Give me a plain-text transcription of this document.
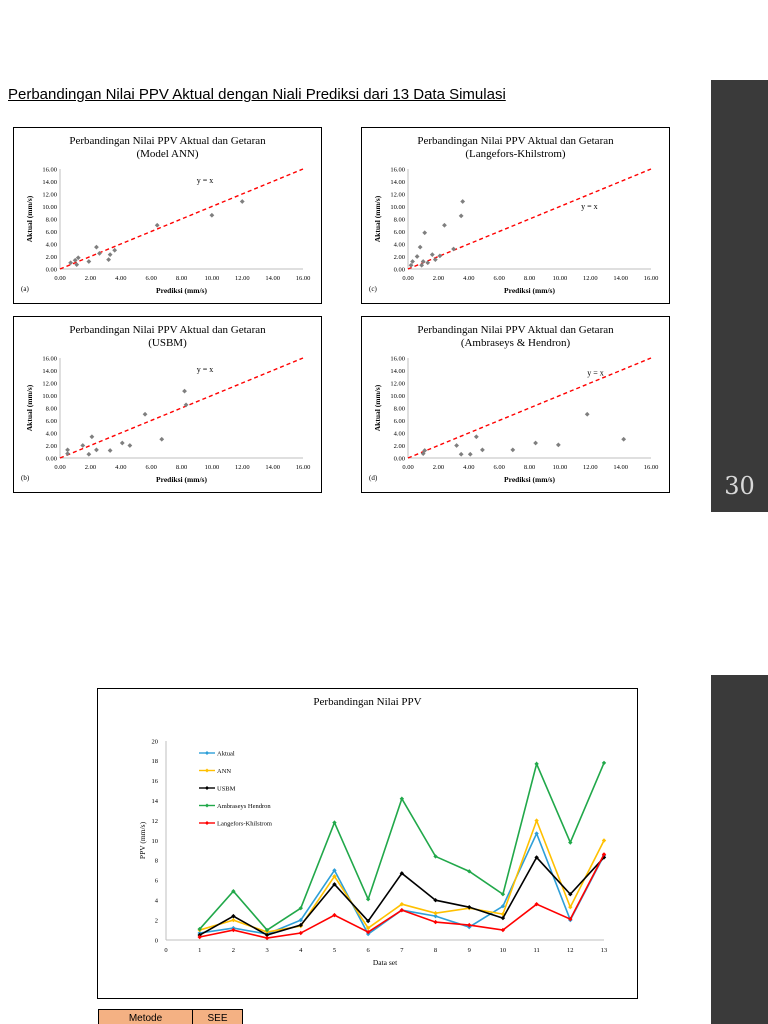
30
Perbandingan Nilai PPV Aktual dengan Niali Prediksi dari 13 Data Simulasi
Perbandingan Nilai PPV Aktual dan Getaran
(Model ANN)
0.00
0.00
2.00
2.00
4.00
4.00
6.00
6.00
8.00
8.00
10.00
10.00
12.00
12.00
14.00
14.00
16.00
16.00
Prediksi (mm/s)
Aktual (mm/s)
(a)
y = x
Perbandingan Nilai PPV Aktual dan Getaran
(Langefors-Khilstrom)
0.00
0.00
2.00
2.00
4.00
4.00
6.00
6.00
8.00
8.00
10.00
10.00
12.00
12.00
14.00
14.00
16.00
16.00
Prediksi (mm/s)
Aktual (mm/s)
(c)
y = x
Perbandingan Nilai PPV Aktual dan Getaran
(USBM)
0.00
0.00
2.00
2.00
4.00
4.00
6.00
6.00
8.00
8.00
10.00
10.00
12.00
12.00
14.00
14.00
16.00
16.00
Prediksi (mm/s)
Aktual (mm/s)
(b)
y = x
Perbandingan Nilai PPV Aktual dan Getaran
(Ambraseys & Hendron)
0.00
0.00
2.00
2.00
4.00
4.00
6.00
6.00
8.00
8.00
10.00
10.00
12.00
12.00
14.00
14.00
16.00
16.00
Prediksi (mm/s)
Aktual (mm/s)
(d)
y = x
Perbandingan Nilai PPV
0	1	2	3	4	5	6	7	8	9	10	11	12	13
0
2
4
6
8
10
12
14
16
18
20
Data set
PPV (mm/s)
Aktual
ANN
USBM
Ambraseys Hendron
Langefors-Khilstrom
Metode	SEE
